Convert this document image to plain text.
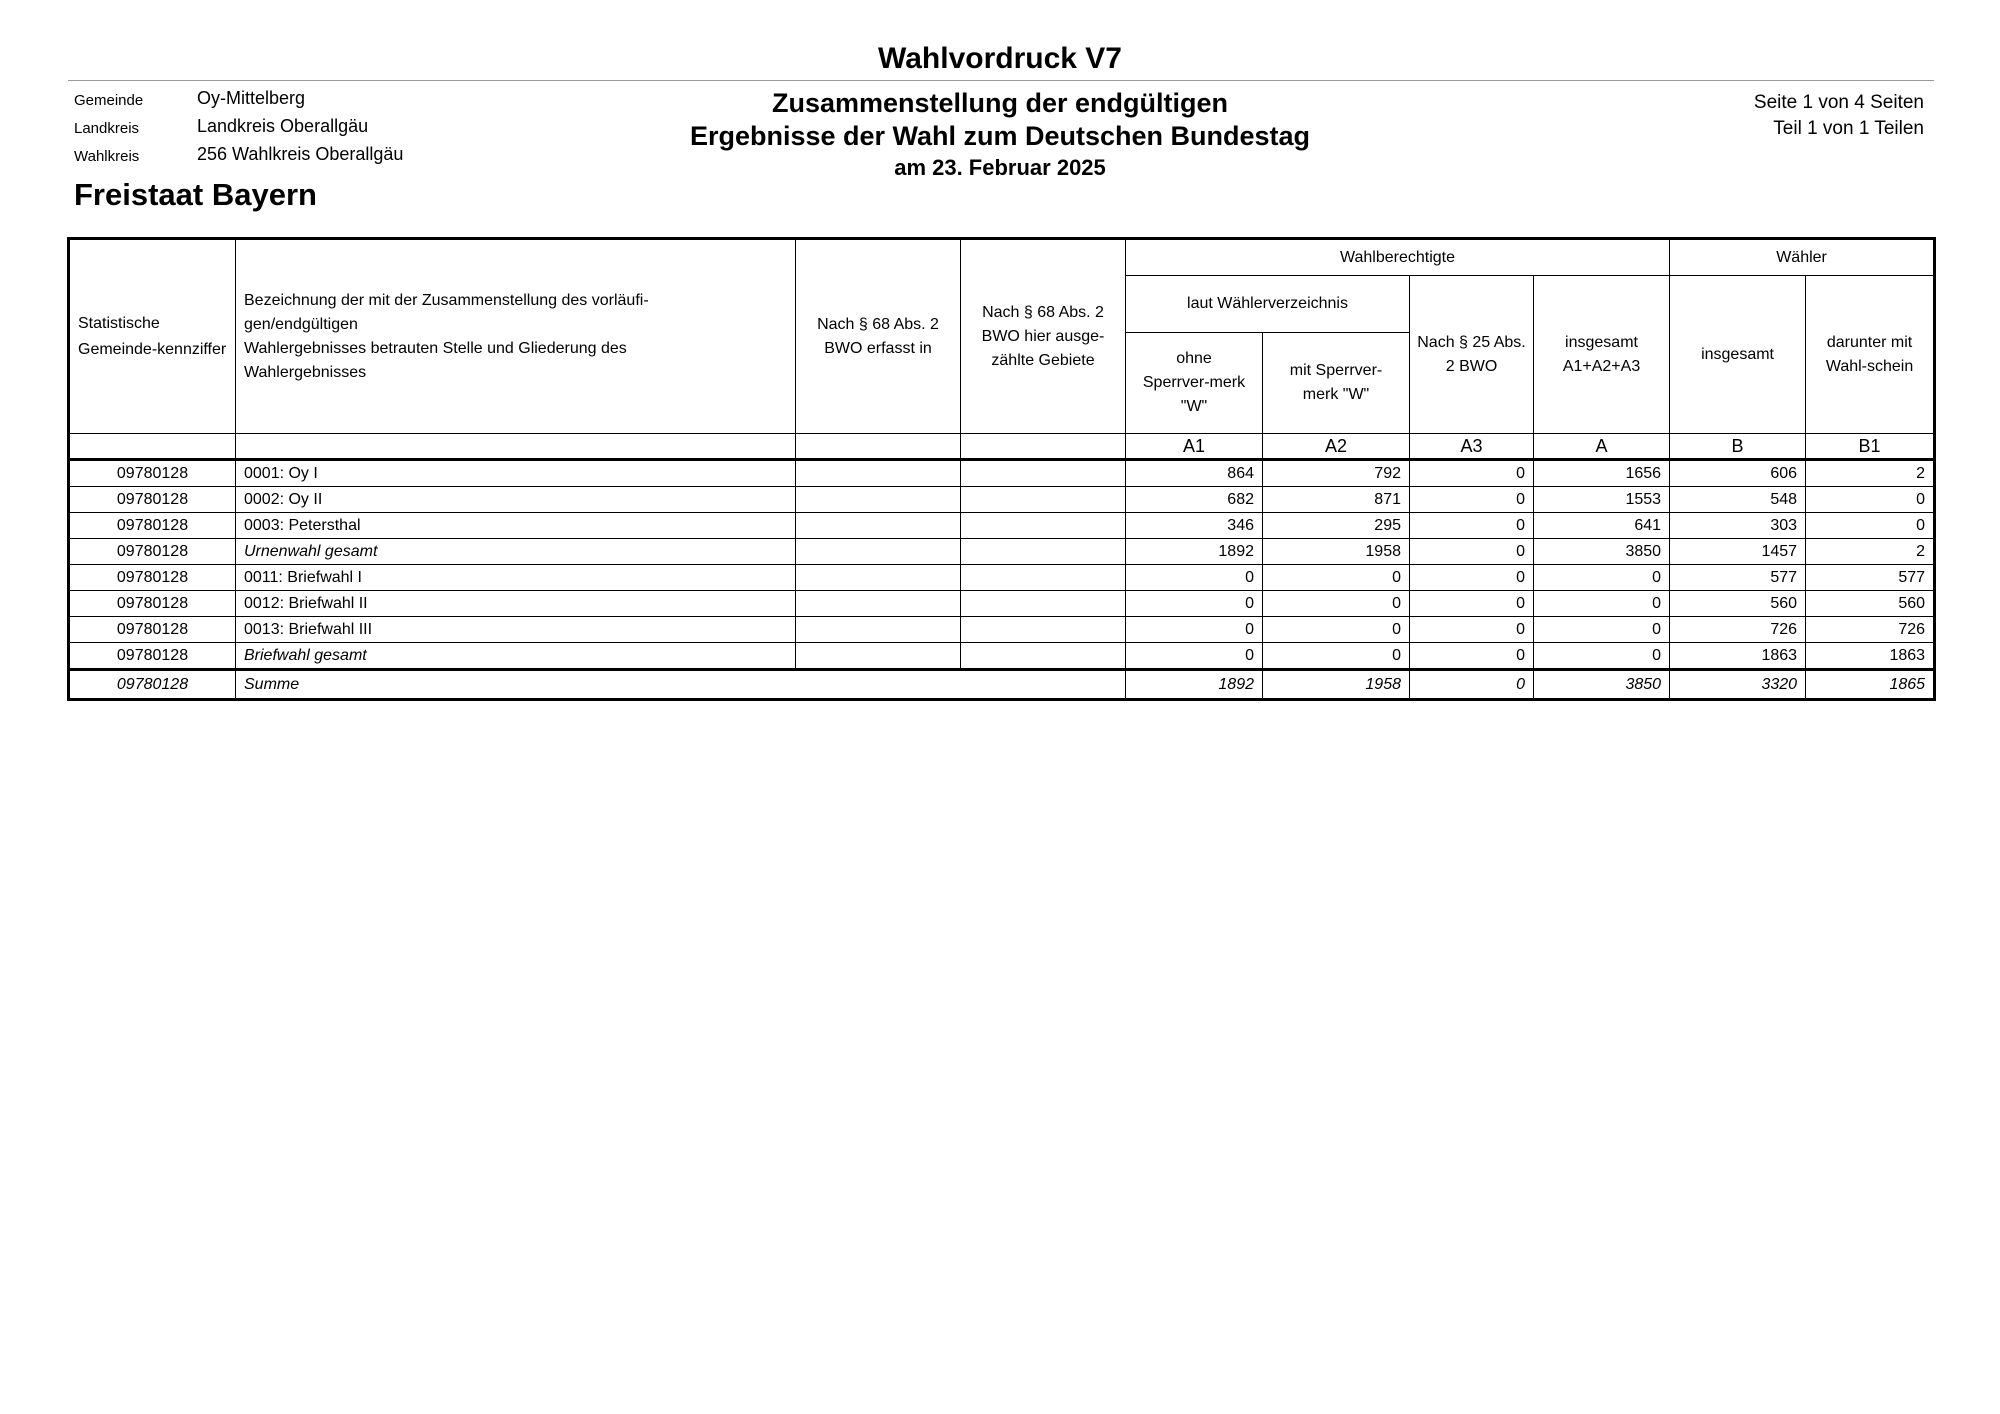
Wahlvordruck V7
Gemeinde	Oy-Mittelberg
Landkreis	Landkreis Oberallgäu
Wahlkreis	256 Wahlkreis Oberallgäu
Freistaat Bayern
Zusammenstellung der endgültigen
Ergebnisse der Wahl zum Deutschen Bundestag
am 23. Februar 2025
Seite 1 von 4 Seiten
Teil 1 von 1 Teilen
Statistische Gemeinde-kennziffer	Bezeichnung der mit der Zusammenstellung des vorläufi-
gen/endgültigen
Wahlergebnisses betrauten Stelle und Gliederung des
Wahlergebnisses	Nach § 68 Abs. 2 BWO erfasst in	Nach § 68 Abs. 2 BWO hier ausge-zählte Gebiete	Wahlberechtigte				Wähler	
				laut Wählerverzeichnis		Nach § 25 Abs. 2 BWO	insgesamt A1+A2+A3	insgesamt	darunter mit Wahl-schein
				ohne Sperrver-merk "W"	mit Sperrver-merk "W"				
				A1	A2	A3	A	B	B1
09780128	0001: Oy I			864	792	0	1656	606	2
09780128	0002: Oy II			682	871	0	1553	548	0
09780128	0003: Petersthal			346	295	0	641	303	0
09780128	Urnenwahl gesamt			1892	1958	0	3850	1457	2
09780128	0011: Briefwahl I			0	0	0	0	577	577
09780128	0012: Briefwahl II			0	0	0	0	560	560
09780128	0013: Briefwahl III			0	0	0	0	726	726
09780128	Briefwahl gesamt			0	0	0	0	1863	1863
09780128	Summe			1892	1958	0	3850	3320	1865
